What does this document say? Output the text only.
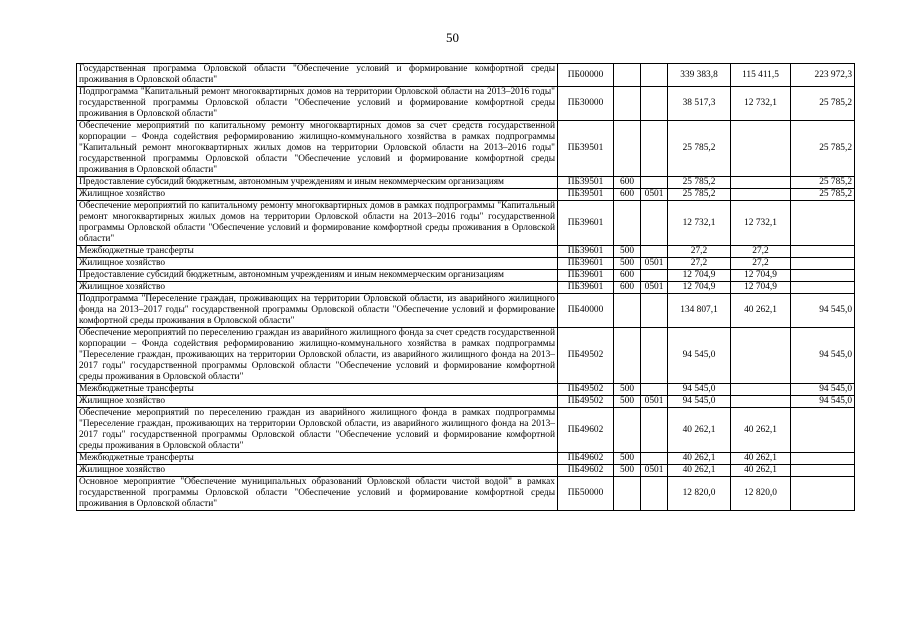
50
Государственная программа Орловской области "Обеспечение условий и формирование комфортной среды проживания в Орловской области"	ПБ00000			339 383,8	115 411,5	223 972,3
Подпрограмма "Капитальный ремонт многоквартирных домов на территории Орловской области на 2013–2016 годы" государственной программы Орловской области "Обеспечение условий и формирование комфортной среды проживания в Орловской области"	ПБ30000			38 517,3	12 732,1	25 785,2
Обеспечение мероприятий по капитальному ремонту многоквартирных домов за счет средств государственной корпорации – Фонда содействия реформированию жилищно-коммунального хозяйства в рамках подпрограммы "Капитальный ремонт многоквартирных жилых домов на территории Орловской области на 2013–2016 годы" государственной программы Орловской области "Обеспечение условий и формирование комфортной среды проживания в Орловской области"	ПБ39501			25 785,2		25 785,2
Предоставление субсидий бюджетным, автономным учреждениям и иным некоммерческим организациям	ПБ39501	600		25 785,2		25 785,2
Жилищное хозяйство	ПБ39501	600	0501	25 785,2		25 785,2
Обеспечение мероприятий по капитальному ремонту многоквартирных домов в рамках подпрограммы "Капитальный ремонт многоквартирных жилых домов на территории Орловской области на 2013–2016 годы" государственной программы Орловской области "Обеспечение условий и формирование комфортной среды проживания в Орловской области"	ПБ39601			12 732,1	12 732,1	
Межбюджетные трансферты	ПБ39601	500		27,2	27,2	
Жилищное хозяйство	ПБ39601	500	0501	27,2	27,2	
Предоставление субсидий бюджетным, автономным учреждениям и иным некоммерческим организациям	ПБ39601	600		12 704,9	12 704,9	
Жилищное хозяйство	ПБ39601	600	0501	12 704,9	12 704,9	
Подпрограмма "Переселение граждан, проживающих на территории Орловской области, из аварийного жилищного фонда на 2013–2017 годы" государственной программы Орловской области "Обеспечение условий и формирование комфортной среды проживания в Орловской области"	ПБ40000			134 807,1	40 262,1	94 545,0
Обеспечение мероприятий по переселению граждан из аварийного жилищного фонда за счет средств государственной корпорации – Фонда содействия реформированию жилищно-коммунального хозяйства в рамках подпрограммы "Переселение граждан, проживающих на территории Орловской области, из аварийного жилищного фонда на 2013–2017 годы" государственной программы Орловской области "Обеспечение условий и формирование комфортной среды проживания в Орловской области"	ПБ49502			94 545,0		94 545,0
Межбюджетные трансферты	ПБ49502	500		94 545,0		94 545,0
Жилищное хозяйство	ПБ49502	500	0501	94 545,0		94 545,0
Обеспечение мероприятий по переселению граждан из аварийного жилищного фонда в рамках подпрограммы "Переселение граждан, проживающих на территории Орловской области, из аварийного жилищного фонда на 2013–2017 годы" государственной программы Орловской области "Обеспечение условий и формирование комфортной среды проживания в Орловской области"	ПБ49602			40 262,1	40 262,1	
Межбюджетные трансферты	ПБ49602	500		40 262,1	40 262,1	
Жилищное хозяйство	ПБ49602	500	0501	40 262,1	40 262,1	
Основное мероприятие "Обеспечение муниципальных образований Орловской области чистой водой" в рамках государственной программы Орловской области "Обеспечение условий и формирование комфортной среды проживания в Орловской области"	ПБ50000			12 820,0	12 820,0	
